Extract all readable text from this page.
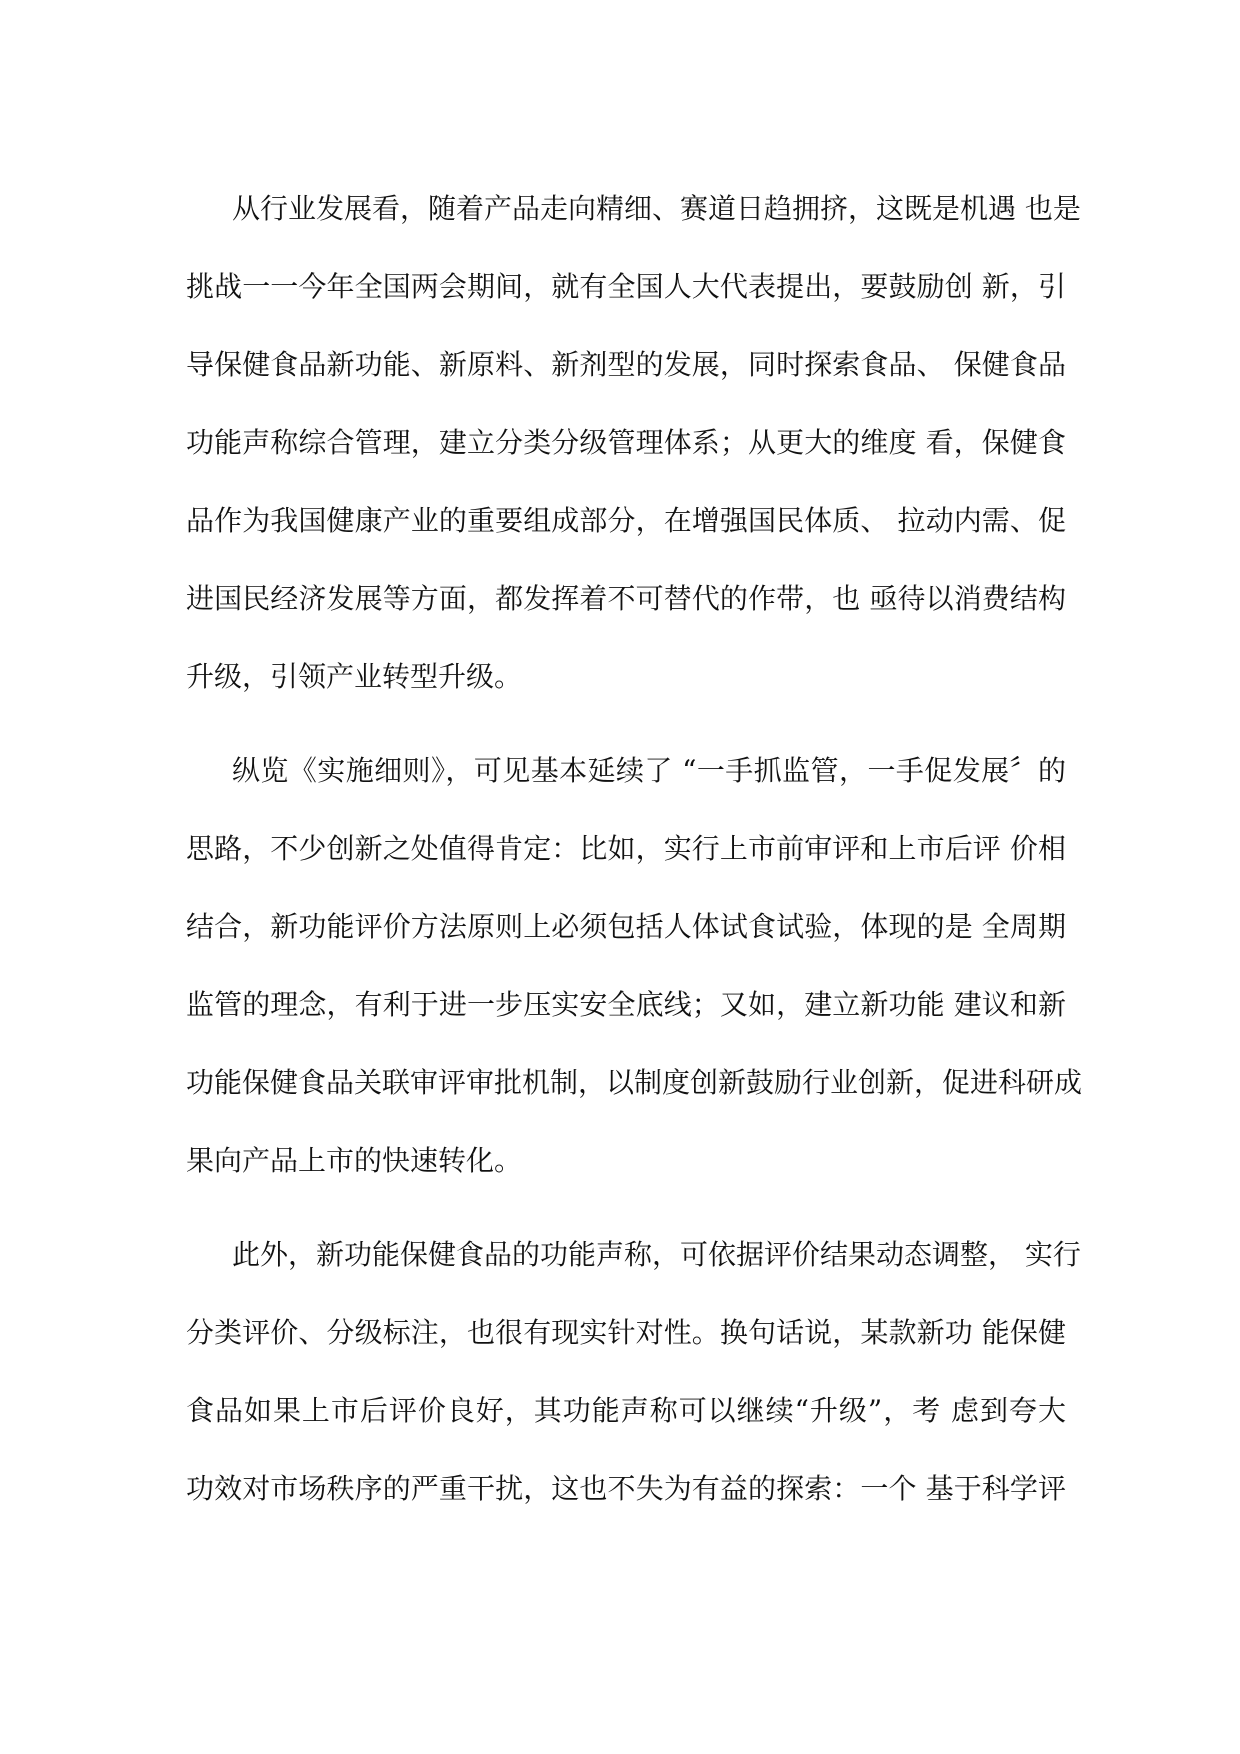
从行业发展看，随着产品走向精细、赛道日趋拥挤，这既是机遇 也是
挑战一一今年全国两会期间，就有全国人大代表提出，要鼓励创 新，引
导保健食品新功能、新原料、新剂型的发展，同时探索食品、 保健食品
功能声称综合管理，建立分类分级管理体系；从更大的维度 看，保健食
品作为我国健康产业的重要组成部分，在增强国民体质、 拉动内需、促
进国民经济发展等方面，都发挥着不可替代的作带，也 亟待以消费结构
升级，引领产业转型升级。
纵览《实施细则》，可见基本延续了 “一手抓监管，一手促发展〞的
思路，不少创新之处值得肯定：比如，实行上市前审评和上市后评 价相
结合，新功能评价方法原则上必须包括人体试食试验，体现的是 全周期
监管的理念，有利于进一步压实安全底线；又如，建立新功能 建议和新
功能保健食品关联审评审批机制，以制度创新鼓励行业创新，促进科研成
果向产品上市的快速转化。
此外，新功能保健食品的功能声称，可依据评价结果动态调整， 实行
分类评价、分级标注，也很有现实针对性。换句话说，某款新功 能保健
食品如果上市后评价良好，其功能声称可以继续“升级”，考 虑到夸大
功效对市场秩序的严重干扰，这也不失为有益的探索：一个 基于科学评
